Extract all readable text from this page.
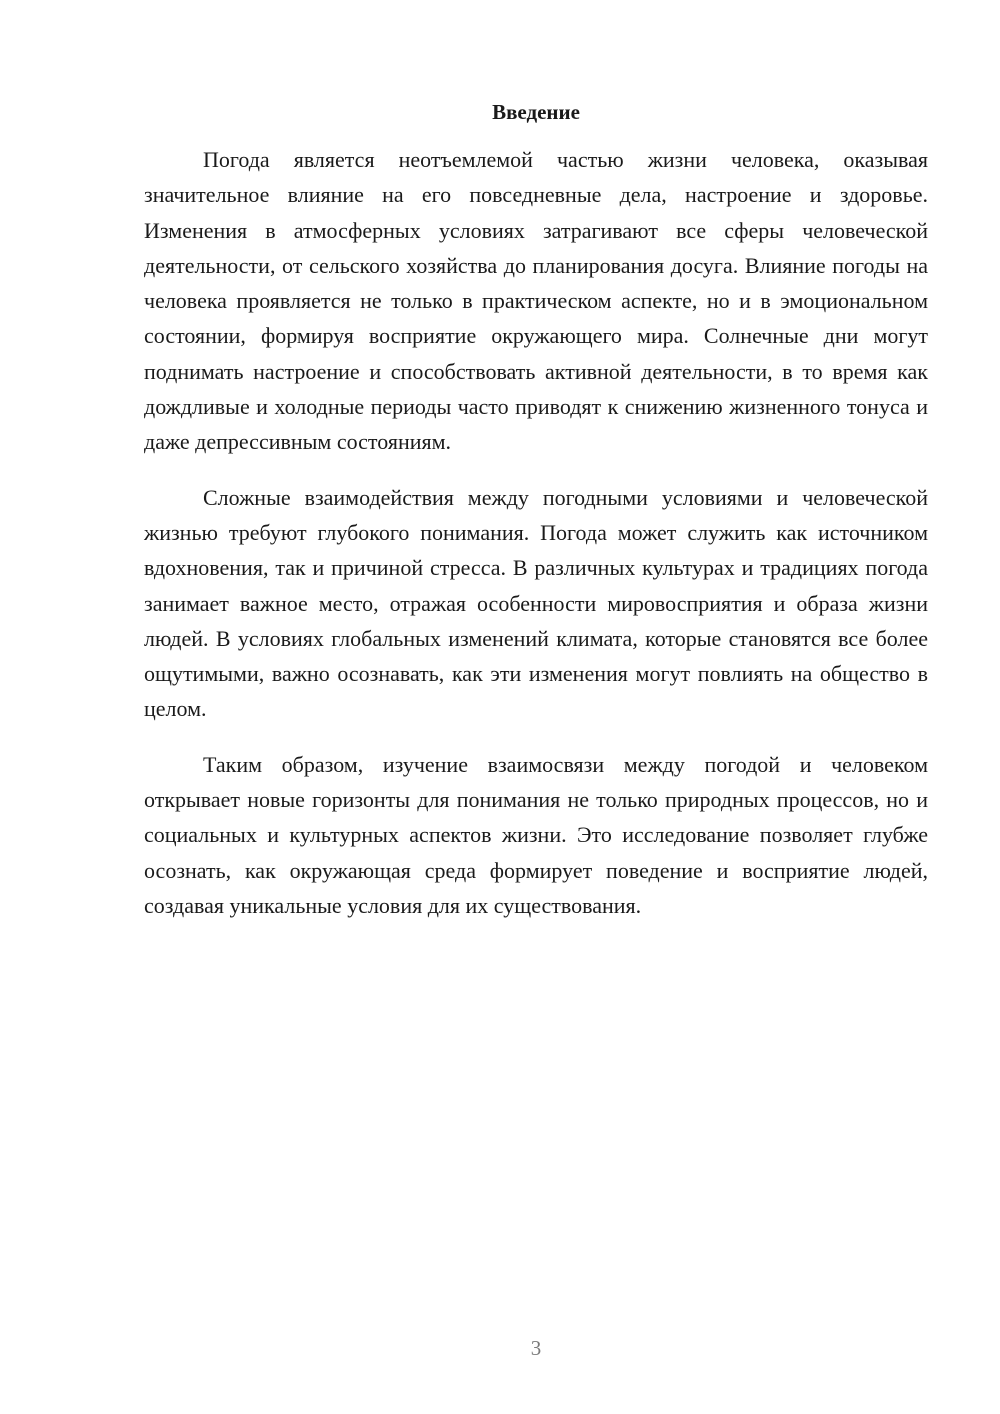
Введение

Погода является неотъемлемой частью жизни человека, оказывая значительное влияние на его повседневные дела, настроение и здоровье. Изменения в атмосферных условиях затрагивают все сферы человеческой деятельности, от сельского хозяйства до планирования досуга. Влияние погоды на человека проявляется не только в практическом аспекте, но и в эмоциональном состоянии, формируя восприятие окружающего мира. Солнечные дни могут поднимать настроение и способствовать активной деятельности, в то время как дождливые и холодные периоды часто приводят к снижению жизненного тонуса и даже депрессивным состояниям.

Сложные взаимодействия между погодными условиями и человеческой жизнью требуют глубокого понимания. Погода может служить как источником вдохновения, так и причиной стресса. В различных культурах и традициях погода занимает важное место, отражая особенности мировосприятия и образа жизни людей. В условиях глобальных изменений климата, которые становятся все более ощутимыми, важно осознавать, как эти изменения могут повлиять на общество в целом.

Таким образом, изучение взаимосвязи между погодой и человеком открывает новые горизонты для понимания не только природных процессов, но и социальных и культурных аспектов жизни. Это исследование позволяет глубже осознать, как окружающая среда формирует поведение и восприятие людей, создавая уникальные условия для их существования.

3
